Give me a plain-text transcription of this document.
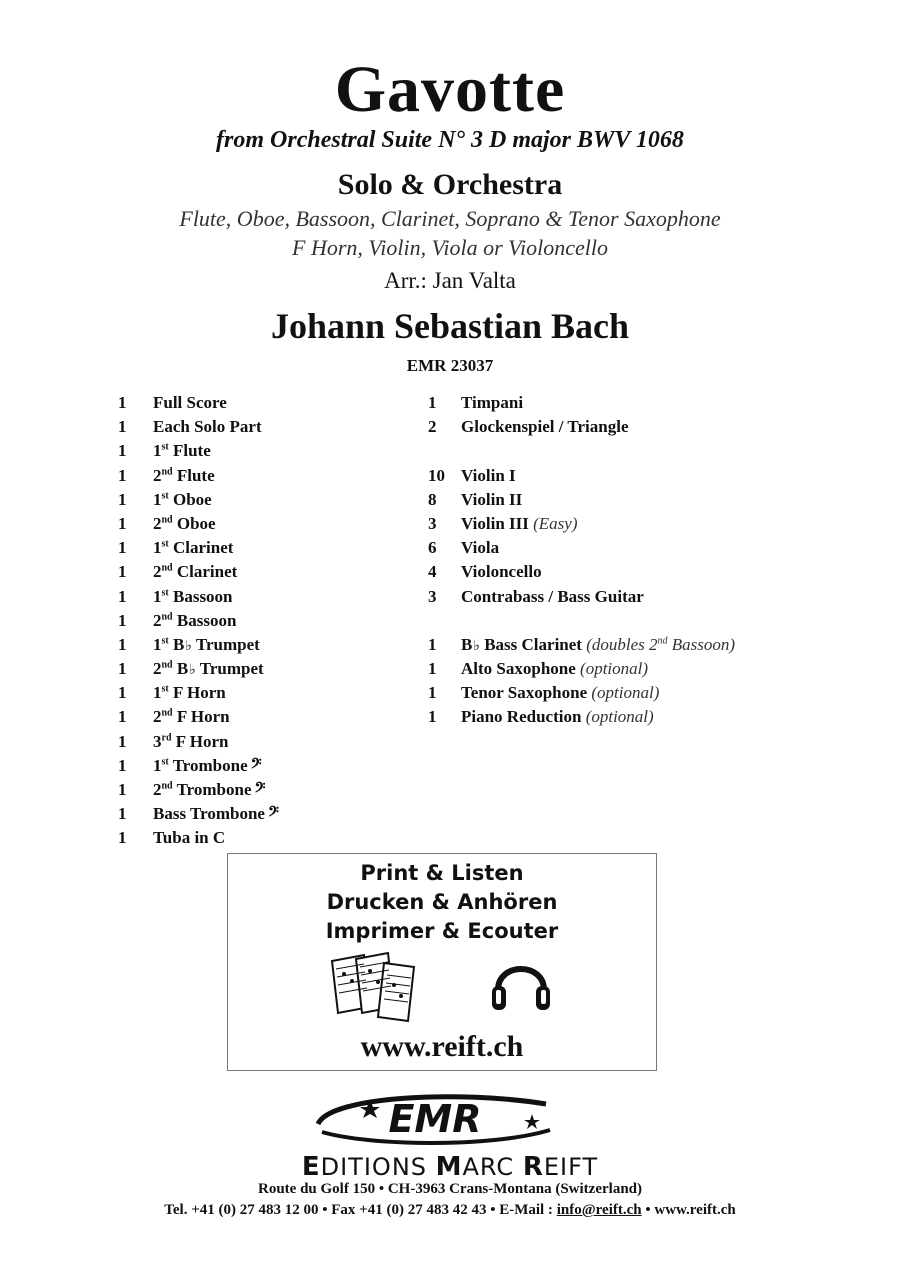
Gavotte
from Orchestral Suite N° 3 D major BWV 1068
Solo & Orchestra
Flute, Oboe, Bassoon, Clarinet, Soprano & Tenor Saxophone
F Horn, Violin, Viola or Violoncello
Arr.: Jan Valta
Johann Sebastian Bach
EMR 23037
1 Full Score
1 Each Solo Part
1 1st Flute
1 2nd Flute
1 1st Oboe
1 2nd Oboe
1 1st Clarinet
1 2nd Clarinet
1 1st Bassoon
1 2nd Bassoon
1 1st B♭ Trumpet
1 2nd B♭ Trumpet
1 1st F Horn
1 2nd F Horn
1 3rd F Horn
1 1st Trombone 𝄢
1 2nd Trombone 𝄢
1 Bass Trombone 𝄢
1 Tuba in C
1 Timpani
2 Glockenspiel / Triangle
10 Violin I
8 Violin II
3 Violin III (Easy)
6 Viola
4 Violoncello
3 Contrabass / Bass Guitar
1 B♭ Bass Clarinet (doubles 2nd Bassoon)
1 Alto Saxophone (optional)
1 Tenor Saxophone (optional)
1 Piano Reduction (optional)
Print & Listen
Drucken & Anhören
Imprimer & Ecouter
www.reift.ch
EMR
EDITIONS MARC REIFT
Route du Golf 150 • CH-3963 Crans-Montana (Switzerland)
Tel. +41 (0) 27 483 12 00 • Fax +41 (0) 27 483 42 43 • E-Mail : info@reift.ch • www.reift.ch
